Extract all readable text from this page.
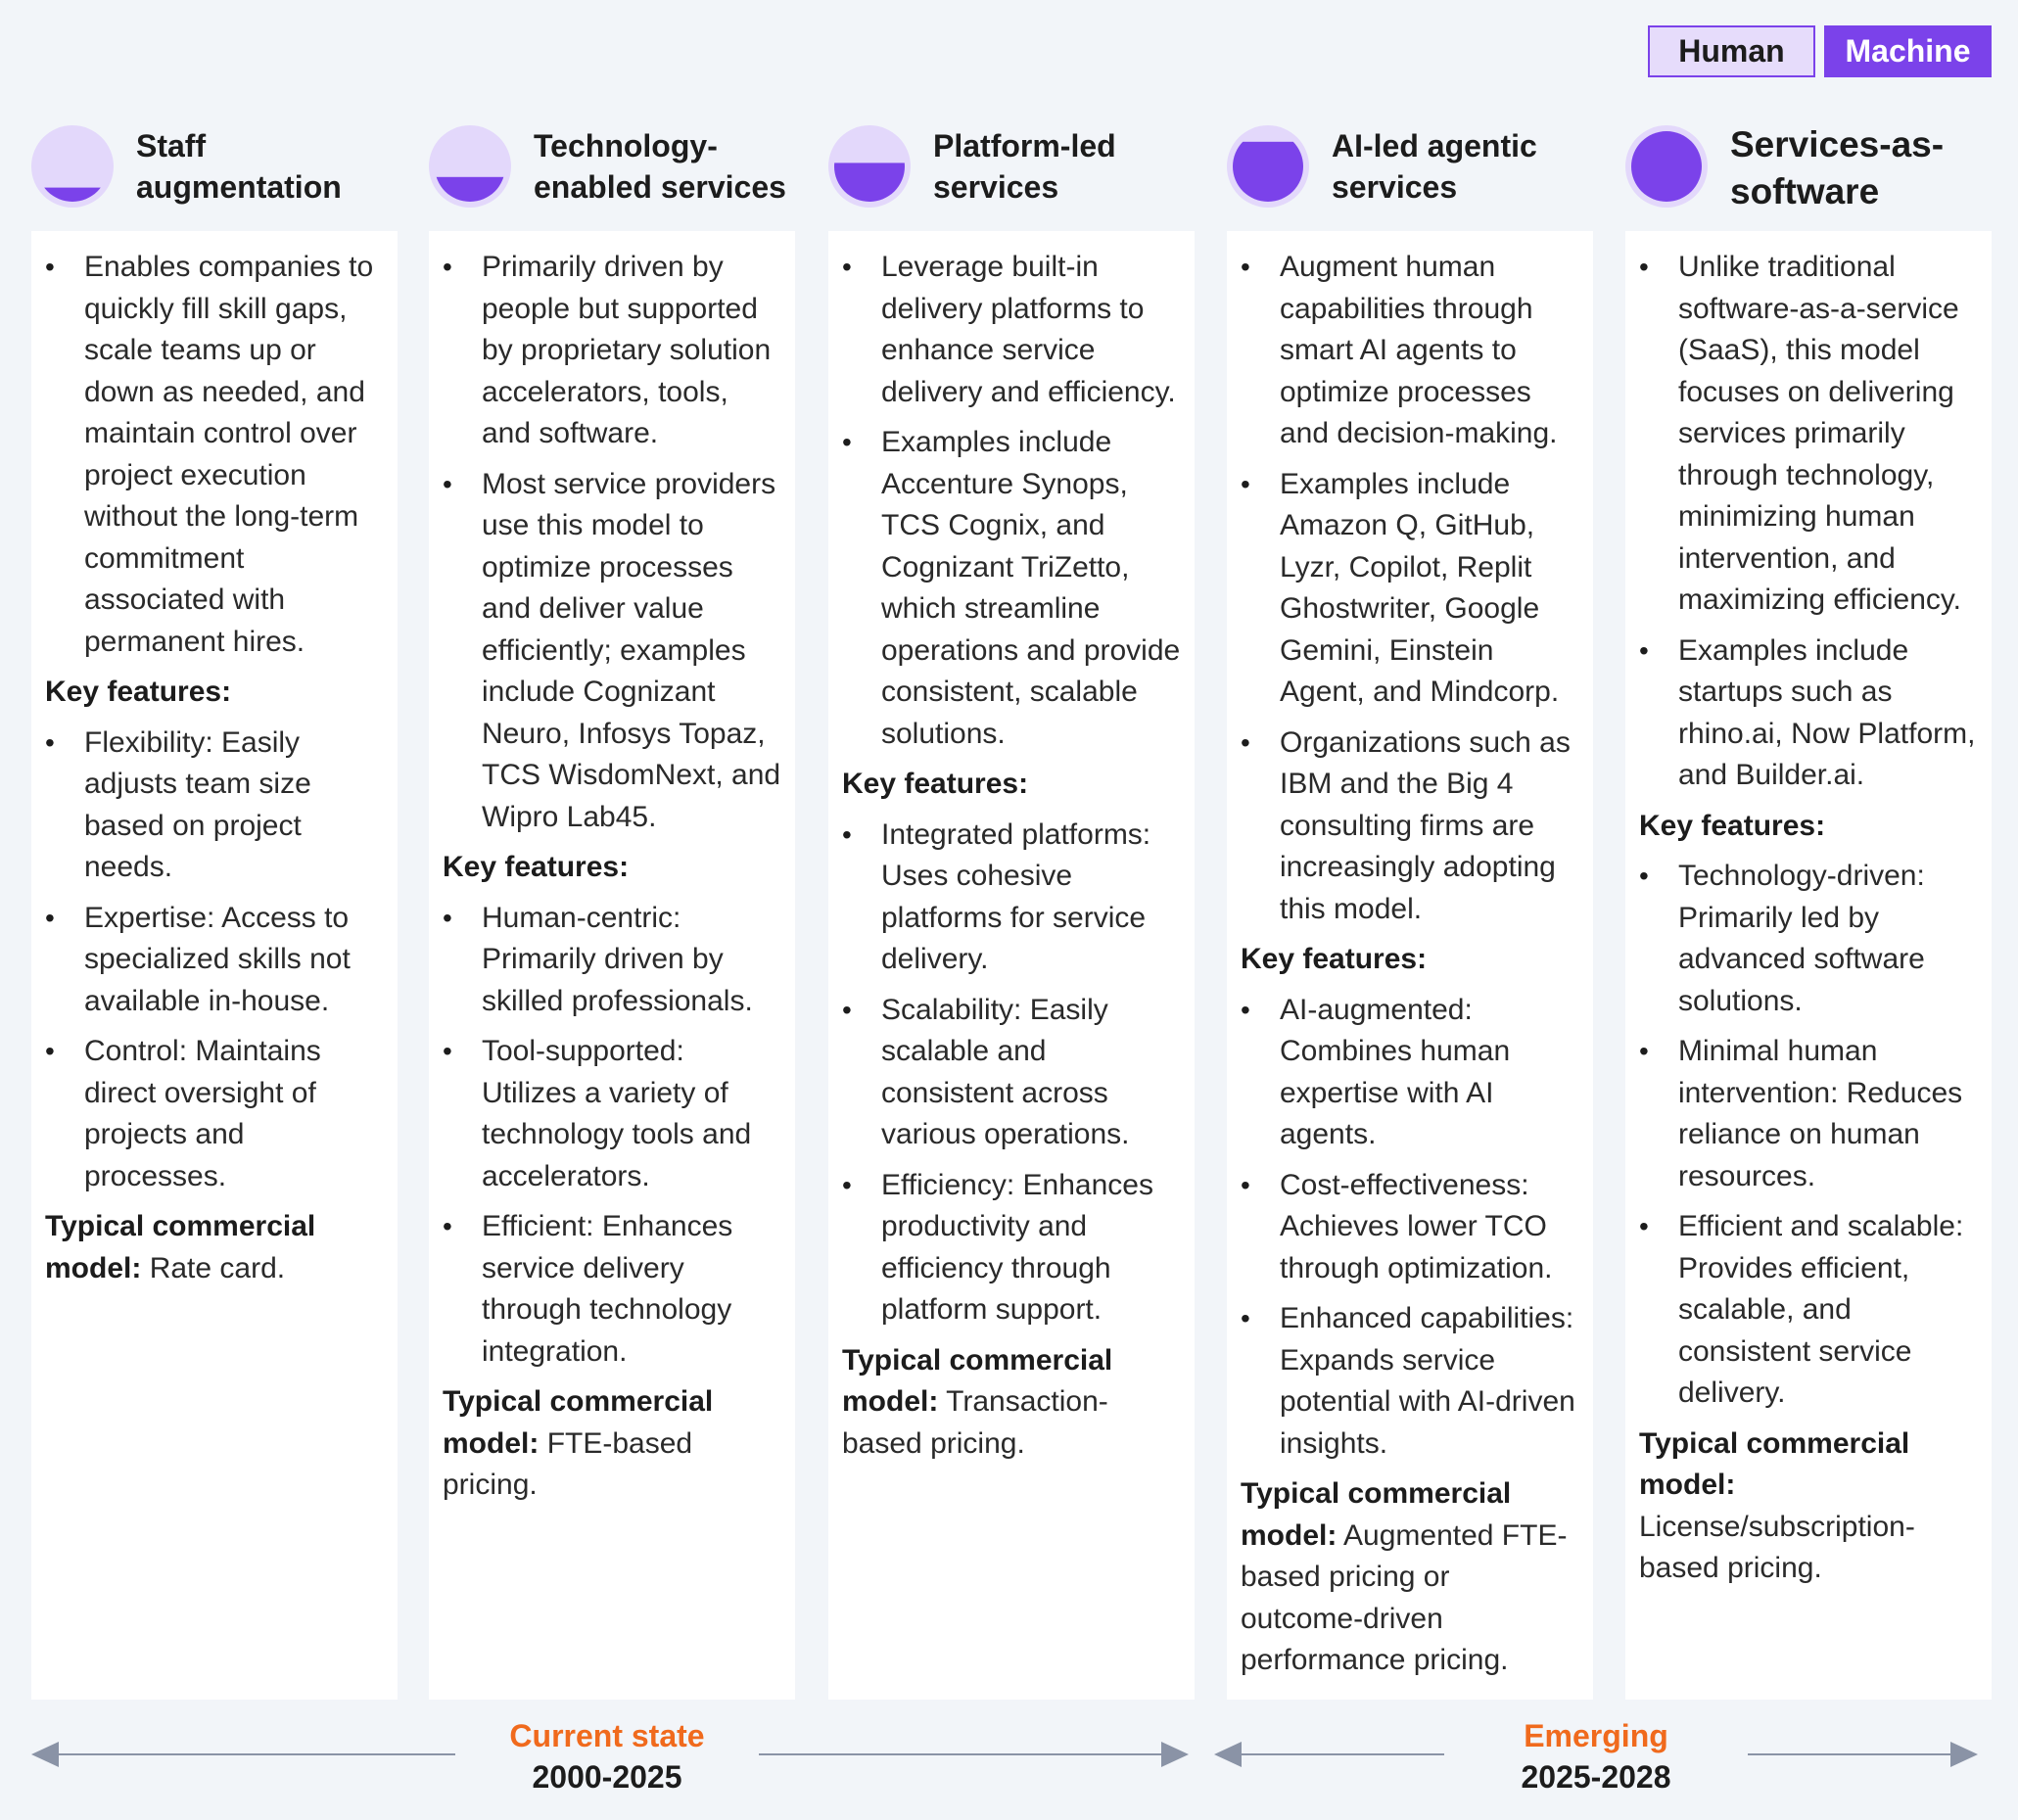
Human	Machine
Staff
augmentation
• Enables companies to quickly fill skill gaps, scale teams up or down as needed, and maintain control over project execution without the long-term commitment associated with permanent hires.
Key features:
• Flexibility: Easily adjusts team size based on project needs.
• Expertise: Access to specialized skills not available in-house.
• Control: Maintains direct oversight of projects and processes.
Typical commercial model: Rate card.
Technology-
enabled services
• Primarily driven by people but supported by proprietary solution accelerators, tools, and software.
• Most service providers use this model to optimize processes and deliver value efficiently; examples include Cognizant Neuro, Infosys Topaz, TCS WisdomNext, and Wipro Lab45.
Key features:
• Human-centric: Primarily driven by skilled professionals.
• Tool-supported: Utilizes a variety of technology tools and accelerators.
• Efficient: Enhances service delivery through technology integration.
Typical commercial model: FTE-based pricing.
Platform-led
services
• Leverage built-in delivery platforms to enhance service delivery and efficiency.
• Examples include Accenture Synops, TCS Cognix, and Cognizant TriZetto, which streamline operations and provide consistent, scalable solutions.
Key features:
• Integrated platforms: Uses cohesive platforms for service delivery.
• Scalability: Easily scalable and consistent across various operations.
• Efficiency: Enhances productivity and efficiency through platform support.
Typical commercial model: Transaction-based pricing.
AI-led agentic
services
• Augment human capabilities through smart AI agents to optimize processes and decision-making.
• Examples include Amazon Q, GitHub, Lyzr, Copilot, Replit Ghostwriter, Google Gemini, Einstein Agent, and Mindcorp.
• Organizations such as IBM and the Big 4 consulting firms are increasingly adopting this model.
Key features:
• AI-augmented: Combines human expertise with AI agents.
• Cost-effectiveness: Achieves lower TCO through optimization.
• Enhanced capabilities: Expands service potential with AI-driven insights.
Typical commercial model: Augmented FTE-based pricing or outcome-driven performance pricing.
Services-as-
software
• Unlike traditional software-as-a-service (SaaS), this model focuses on delivering services primarily through technology, minimizing human intervention, and maximizing efficiency.
• Examples include startups such as rhino.ai, Now Platform, and Builder.ai.
Key features:
• Technology-driven: Primarily led by advanced software solutions.
• Minimal human intervention: Reduces reliance on human resources.
• Efficient and scalable: Provides efficient, scalable, and consistent service delivery.
Typical commercial model: License/subscription-based pricing.
Current state
2000-2025
Emerging
2025-2028
